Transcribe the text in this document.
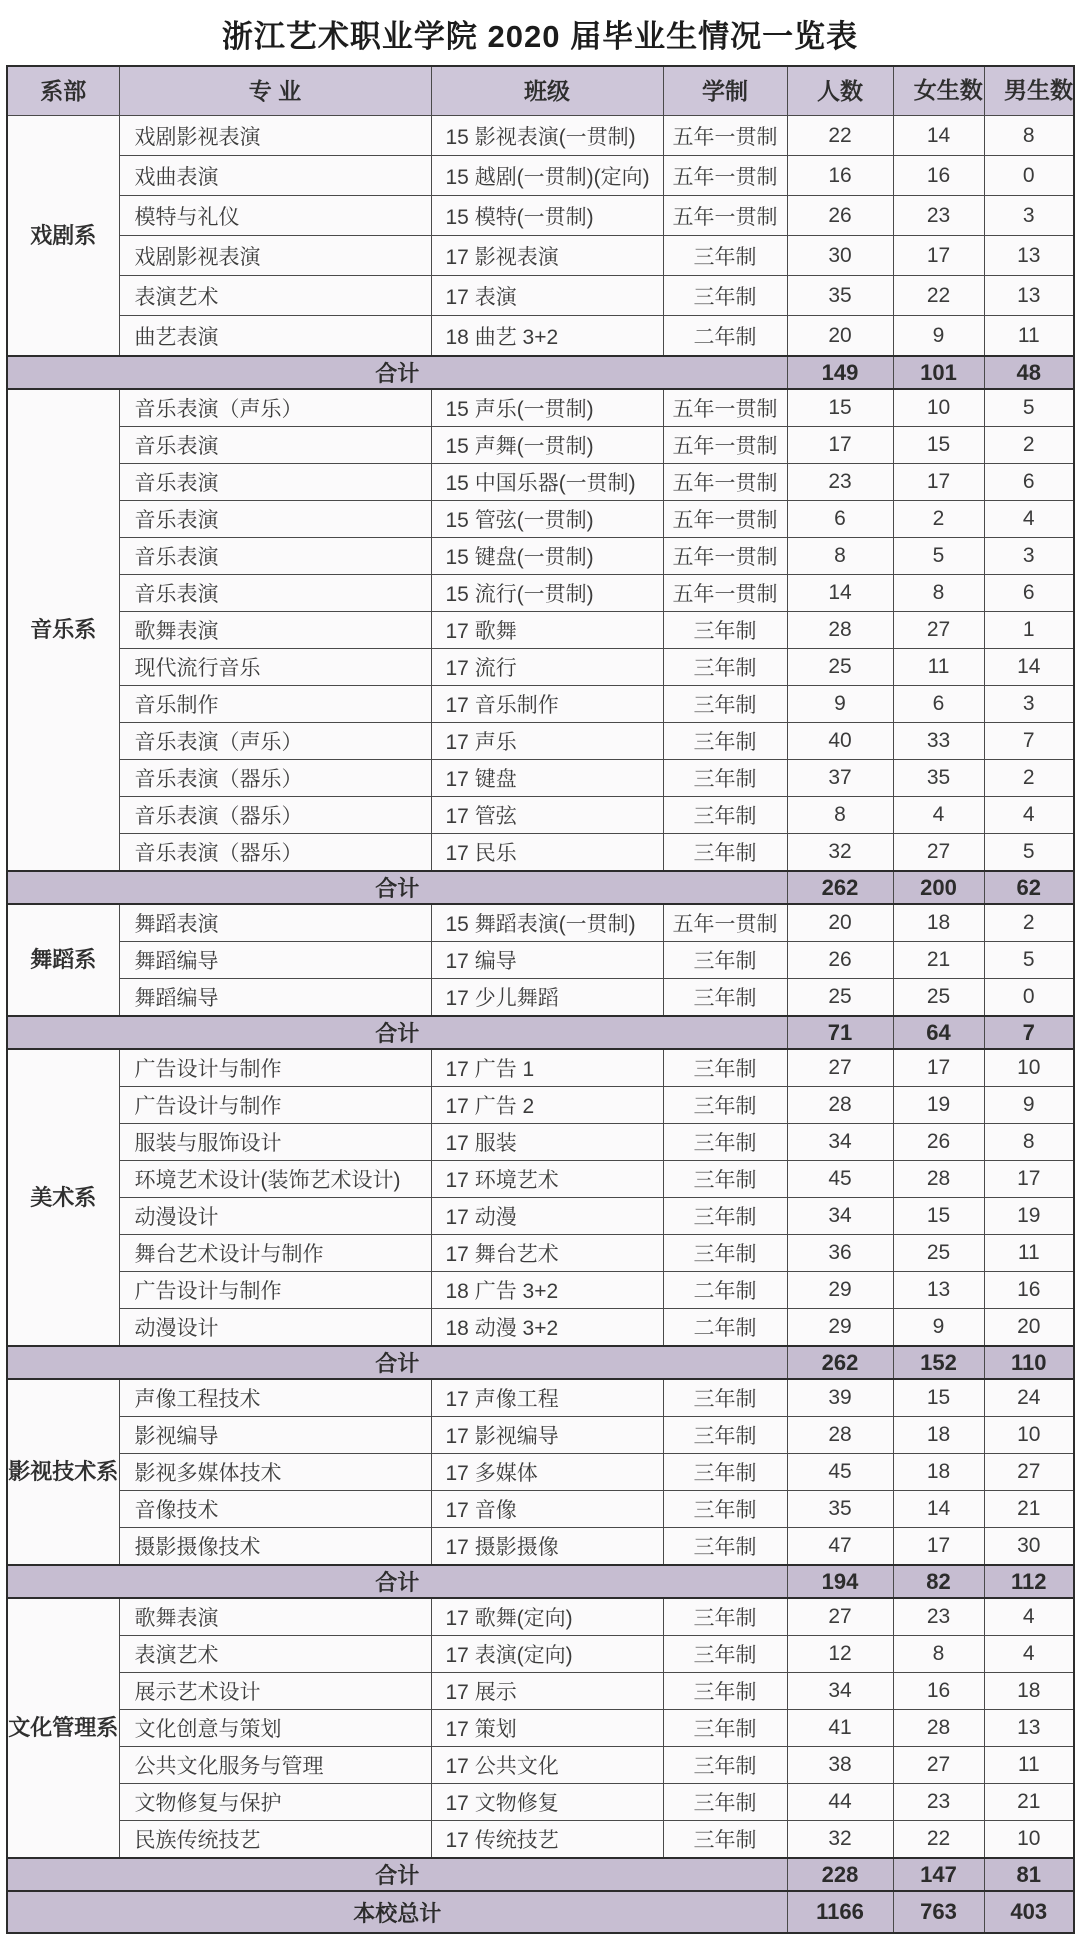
浙江艺术职业学院 2020 届毕业生情况一览表
系部	专 业	班级	学制	人数	女生数	男生数
戏剧系	戏剧影视表演	15 影视表演(一贯制)	五年一贯制	22	14	8
	戏曲表演	15 越剧(一贯制)(定向)	五年一贯制	16	16	0
	模特与礼仪	15 模特(一贯制)	五年一贯制	26	23	3
	戏剧影视表演	17 影视表演	三年制	30	17	13
	表演艺术	17 表演	三年制	35	22	13
	曲艺表演	18 曲艺 3+2	二年制	20	9	11
合计				149	101	48
音乐系	音乐表演（声乐）	15 声乐(一贯制)	五年一贯制	15	10	5
	音乐表演	15 声舞(一贯制)	五年一贯制	17	15	2
	音乐表演	15 中国乐器(一贯制)	五年一贯制	23	17	6
	音乐表演	15 管弦(一贯制)	五年一贯制	6	2	4
	音乐表演	15 键盘(一贯制)	五年一贯制	8	5	3
	音乐表演	15 流行(一贯制)	五年一贯制	14	8	6
	歌舞表演	17 歌舞	三年制	28	27	1
	现代流行音乐	17 流行	三年制	25	11	14
	音乐制作	17 音乐制作	三年制	9	6	3
	音乐表演（声乐）	17 声乐	三年制	40	33	7
	音乐表演（器乐）	17 键盘	三年制	37	35	2
	音乐表演（器乐）	17 管弦	三年制	8	4	4
	音乐表演（器乐）	17 民乐	三年制	32	27	5
合计				262	200	62
舞蹈系	舞蹈表演	15 舞蹈表演(一贯制)	五年一贯制	20	18	2
	舞蹈编导	17 编导	三年制	26	21	5
	舞蹈编导	17 少儿舞蹈	三年制	25	25	0
合计				71	64	7
美术系	广告设计与制作	17 广告 1	三年制	27	17	10
	广告设计与制作	17 广告 2	三年制	28	19	9
	服装与服饰设计	17 服装	三年制	34	26	8
	环境艺术设计(装饰艺术设计)	17 环境艺术	三年制	45	28	17
	动漫设计	17 动漫	三年制	34	15	19
	舞台艺术设计与制作	17 舞台艺术	三年制	36	25	11
	广告设计与制作	18 广告 3+2	二年制	29	13	16
	动漫设计	18 动漫 3+2	二年制	29	9	20
合计				262	152	110
影视技术系	声像工程技术	17 声像工程	三年制	39	15	24
	影视编导	17 影视编导	三年制	28	18	10
	影视多媒体技术	17 多媒体	三年制	45	18	27
	音像技术	17 音像	三年制	35	14	21
	摄影摄像技术	17 摄影摄像	三年制	47	17	30
合计				194	82	112
文化管理系	歌舞表演	17 歌舞(定向)	三年制	27	23	4
	表演艺术	17 表演(定向)	三年制	12	8	4
	展示艺术设计	17 展示	三年制	34	16	18
	文化创意与策划	17 策划	三年制	41	28	13
	公共文化服务与管理	17 公共文化	三年制	38	27	11
	文物修复与保护	17 文物修复	三年制	44	23	21
	民族传统技艺	17 传统技艺	三年制	32	22	10
合计				228	147	81
本校总计				1166	763	403
